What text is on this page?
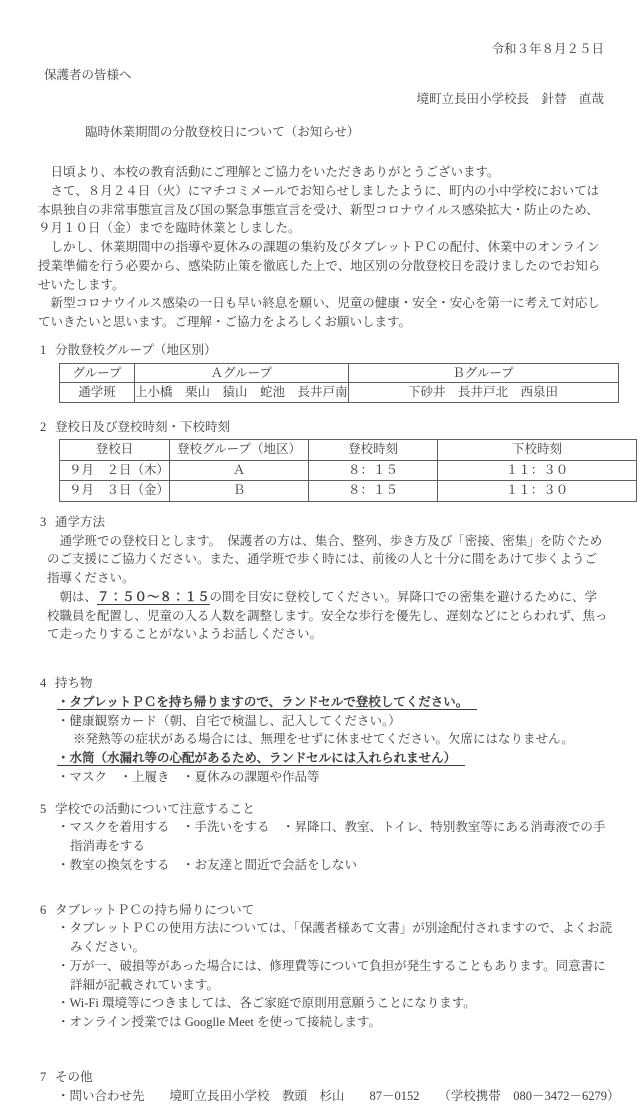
令和３年８月２５日
保護者の皆様へ
境町立長田小学校長　針替　直哉
臨時休業期間の分散登校日について（お知らせ）

日頃より、本校の教育活動にご理解とご協力をいただきありがとうございます。

さて、８月２４日（火）にマチコミメールでお知らせしましたように、町内の小中学校においては本県独自の非常事態宣言及び国の緊急事態宣言を受け、新型コロナウイルス感染拡大・防止のため、９月１０日（金）までを臨時休業としました。

しかし、休業期間中の指導や夏休みの課題の集約及びタブレットＰＣの配付、休業中のオンライン授業準備を行う必要から、感染防止策を徹底した上で、地区別の分散登校日を設けましたのでお知らせいたします。

新型コロナウイルス感染の一日も早い終息を願い、児童の健康・安全・安心を第一に考えて対応していきたいと思います。ご理解・ご協力をよろしくお願いします。

1 分散登校グループ（地区別）
グループ	Ａグループ	Ｂグループ
通学班	上小橋　栗山　猿山　蛇池　長井戸南	下砂井　長井戸北　西泉田
2 登校日及び登校時刻・下校時刻
登校日	登校グループ（地区）	登校時刻	下校時刻
９月　２日（木）	Ａ	８：１５	１１：３０
９月　３日（金）	Ｂ	８：１５	１１：３０
3 通学方法

通学班での登校日とします。　保護者の方は、集合、整列、歩き方及び「密接、密集」を防ぐためのご支援にご協力ください。また、通学班で歩く時には、前後の人と十分に間をあけて歩くようご指導ください。

朝は、７：５０～８：１５の間を目安に登校してください。昇降口での密集を避けるために、学校職員を配置し、児童の入る人数を調整します。安全な歩行を優先し、遅刻などにとらわれず、焦って走ったりすることがないようお話しください。

4 持ち物
・タブレットＰＣを持ち帰りますので、ランドセルで登校してください。
・健康観察カード（朝、自宅で検温し、記入してください。）
※発熱等の症状がある場合には、無理をせずに休ませてください。欠席にはなりません。
・水筒（水漏れ等の心配があるため、ランドセルには入れられません）
・マスク　・上履き　・夏休みの課題や作品等
5 学校での活動について注意すること
・マスクを着用する　・手洗いをする　・昇降口、教室、トイレ、特別教室等にある消毒液での手指消毒をする
・教室の換気をする　・お友達と間近で会話をしない
6 タブレットＰＣの持ち帰りについて
・タブレットＰＣの使用方法については、「保護者様あて文書」が別途配付されますので、よくお読みください。
・万が一、破損等があった場合には、修理費等について負担が発生することもあります。同意書に詳細が記載されています。
・Wi-Fi 環境等につきましては、各ご家庭で原則用意願うことになります。
・オンライン授業では Googlle Meet を使って接続します。
7 その他
・問い合わせ先　　境町立長田小学校　教頭　杉山　　87－0152　　（学校携帯　080－3472－6279）
